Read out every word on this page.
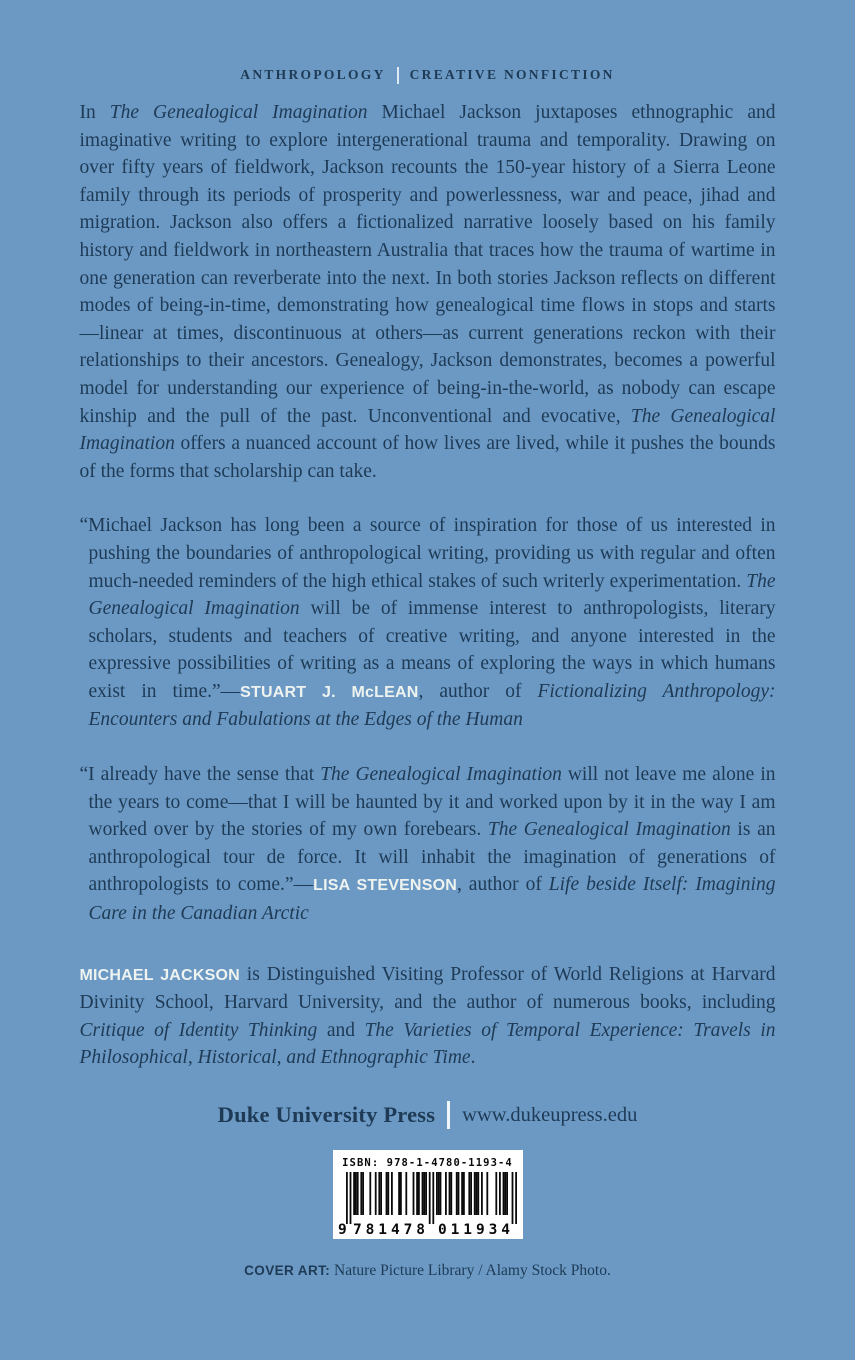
ANTHROPOLOGY CREATIVE NONFICTION

In The Genealogical Imagination Michael Jackson juxtaposes ethnographic and imaginative writing to explore intergenerational trauma and temporality. Drawing on over fifty years of fieldwork, Jackson recounts the 150-year history of a Sierra Leone family through its periods of prosperity and powerlessness, war and peace, jihad and migration. Jackson also offers a fictionalized narrative loosely based on his family history and fieldwork in northeastern Australia that traces how the trauma of wartime in one generation can reverberate into the next. In both stories Jackson reflects on different modes of being-in-time, demonstrating how genealogical time flows in stops and starts—linear at times, discontinuous at others—as current generations reckon with their relationships to their ancestors. Genealogy, Jackson demonstrates, becomes a powerful model for understanding our experience of being-in-the-world, as nobody can escape kinship and the pull of the past. Unconventional and evocative, The Genealogical Imagination offers a nuanced account of how lives are lived, while it pushes the bounds of the forms that scholarship can take.

“Michael Jackson has long been a source of inspiration for those of us interested in pushing the boundaries of anthropological writing, providing us with regular and often much-needed reminders of the high ethical stakes of such writerly experimentation. The Genealogical Imagination will be of immense interest to anthropologists, literary scholars, students and teachers of creative writing, and anyone interested in the expressive possibilities of writing as a means of exploring the ways in which humans exist in time.”—STUART J. McLEAN, author of Fictionalizing Anthropology: Encounters and Fabulations at the Edges of the Human

“I already have the sense that The Genealogical Imagination will not leave me alone in the years to come—that I will be haunted by it and worked upon by it in the way I am worked over by the stories of my own forebears. The Genealogical Imagination is an anthropological tour de force. It will inhabit the imagination of generations of anthropologists to come.”—LISA STEVENSON, author of Life beside Itself: Imagining Care in the Canadian Arctic

MICHAEL JACKSON is Distinguished Visiting Professor of World Religions at Harvard Divinity School, Harvard University, and the author of numerous books, including Critique of Identity Thinking and The Varieties of Temporal Experience: Travels in Philosophical, Historical, and Ethnographic Time.

Duke University Press www.dukeupress.edu
ISBN: 978-1-4780-1193-4
9 781478 011934
COVER ART: Nature Picture Library / Alamy Stock Photo.
